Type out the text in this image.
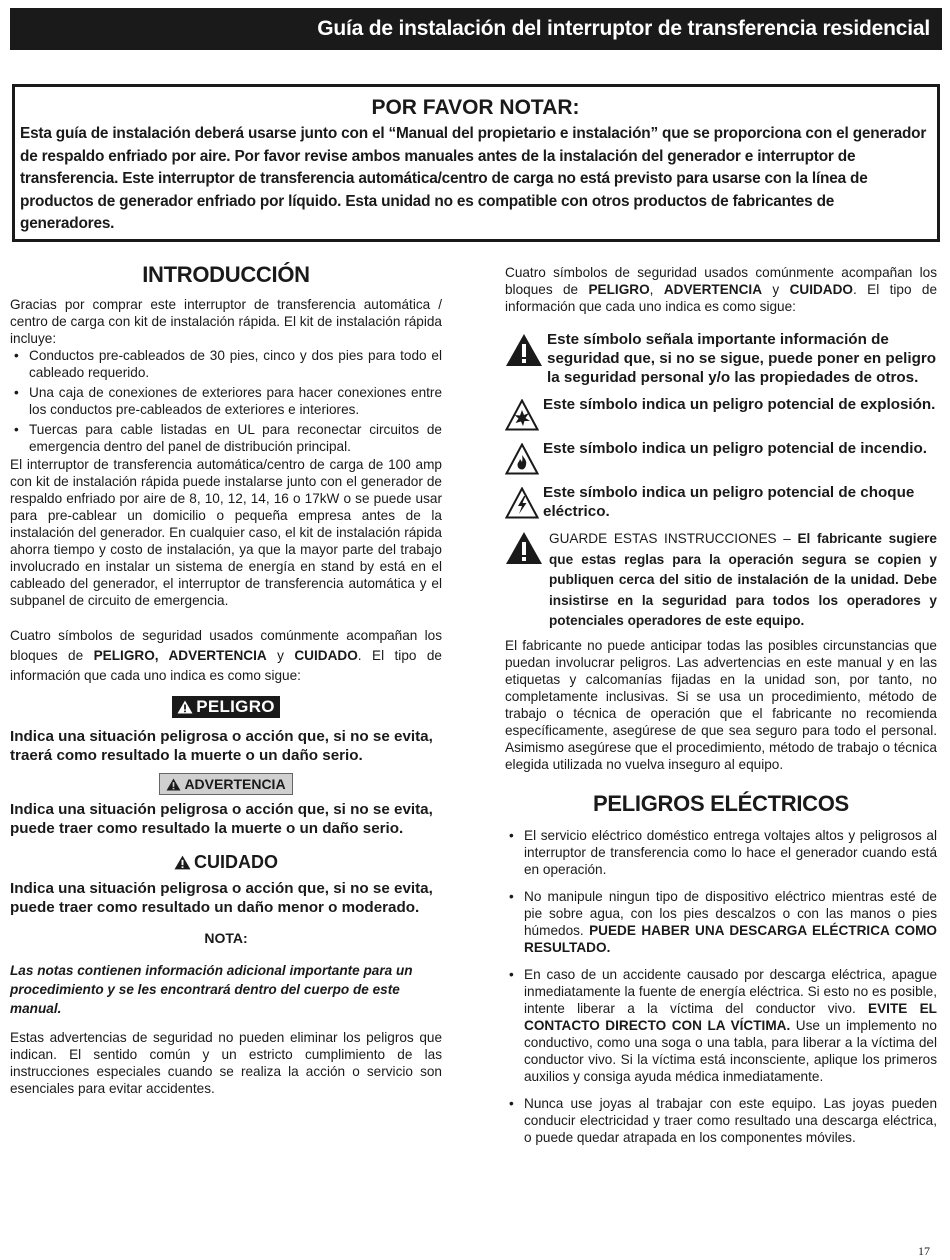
Guía de instalación del interruptor de transferencia residencial
POR FAVOR NOTAR:

Esta guía de instalación deberá usarse junto con el “Manual del propietario e instalación” que se proporciona con el generador de respaldo enfriado por aire. Por favor revise ambos manuales antes de la instalación del generador e interruptor de transferencia. Este interruptor de transferencia automática/centro de carga no está previsto para usarse con la línea de productos de generador enfriado por líquido. Esta unidad no es compatible con otros productos de fabricantes de generadores.

INTRODUCCIÓN

Gracias por comprar este interruptor de transferencia automática / centro de carga con kit de instalación rápida. El kit de instalación rápida incluye:

• Conductos pre-cableados de 30 pies, cinco y dos pies para todo el cableado requerido.
• Una caja de conexiones de exteriores para hacer conexiones entre los conductos pre-cableados de exteriores e interiores.
• Tuercas para cable listadas en UL para reconectar circuitos de emergencia dentro del panel de distribución principal.

El interruptor de transferencia automática/centro de carga de 100 amp con kit de instalación rápida puede instalarse junto con el generador de respaldo enfriado por aire de 8, 10, 12, 14, 16 o 17kW o se puede usar para pre-cablear un domicilio o pequeña empresa antes de la instalación del generador. En cualquier caso, el kit de instalación rápida ahorra tiempo y costo de instalación, ya que la mayor parte del trabajo involucrado en instalar un sistema de energía en stand by está en el cableado del generador, el interruptor de transferencia automática y el subpanel de circuito de emergencia.

Cuatro símbolos de seguridad usados comúnmente acompañan los bloques de PELIGRO, ADVERTENCIA y CUIDADO. El tipo de información que cada uno indica es como sigue:

PELIGRO

Indica una situación peligrosa o acción que, si no se evita, traerá como resultado la muerte o un daño serio.

ADVERTENCIA

Indica una situación peligrosa o acción que, si no se evita, puede traer como resultado la muerte o un daño serio.

CUIDADO

Indica una situación peligrosa o acción que, si no se evita, puede traer como resultado un daño menor o moderado.

NOTA:

Las notas contienen información adicional importante para un procedimiento y se les encontrará dentro del cuerpo de este manual.

Estas advertencias de seguridad no pueden eliminar los peligros que indican. El sentido común y un estricto cumplimiento de las instrucciones especiales cuando se realiza la acción o servicio son esenciales para evitar accidentes.

Cuatro símbolos de seguridad usados comúnmente acompañan los bloques de PELIGRO, ADVERTENCIA y CUIDADO. El tipo de información que cada uno indica es como sigue:

Este símbolo señala importante información de seguridad que, si no se sigue, puede poner en peligro la seguridad personal y/o las propiedades de otros.
Este símbolo indica un peligro potencial de explosión.
Este símbolo indica un peligro potencial de incendio.
Este símbolo indica un peligro potencial de choque eléctrico.
GUARDE ESTAS INSTRUCCIONES – El fabricante sugiere que estas reglas para la operación segura se copien y publiquen cerca del sitio de instalación de la unidad. Debe insistirse en la seguridad para todos los operadores y potenciales operadores de este equipo.

El fabricante no puede anticipar todas las posibles circunstancias que puedan involucrar peligros. Las advertencias en este manual y en las etiquetas y calcomanías fijadas en la unidad son, por tanto, no completamente inclusivas. Si se usa un procedimiento, método de trabajo o técnica de operación que el fabricante no recomienda específicamente, asegúrese de que sea seguro para todo el personal. Asimismo asegúrese que el procedimiento, método de trabajo o técnica elegida utilizada no vuelva inseguro al equipo.

PELIGROS ELÉCTRICOS
• El servicio eléctrico doméstico entrega voltajes altos y peligrosos al interruptor de transferencia como lo hace el generador cuando está en operación.
• No manipule ningun tipo de dispositivo eléctrico mientras esté de pie sobre agua, con los pies descalzos o con las manos o pies húmedos. PUEDE HABER UNA DESCARGA ELÉCTRICA COMO RESULTADO.
• En caso de un accidente causado por descarga eléctrica, apague inmediatamente la fuente de energía eléctrica. Si esto no es posible, intente liberar a la víctima del conductor vivo. EVITE EL CONTACTO DIRECTO CON LA VÍCTIMA. Use un implemento no conductivo, como una soga o una tabla, para liberar a la víctima del conductor vivo. Si la víctima está inconsciente, aplique los primeros auxilios y consiga ayuda médica inmediatamente.
• Nunca use joyas al trabajar con este equipo. Las joyas pueden conducir electricidad y traer como resultado una descarga eléctrica, o puede quedar atrapada en los componentes móviles.
17
